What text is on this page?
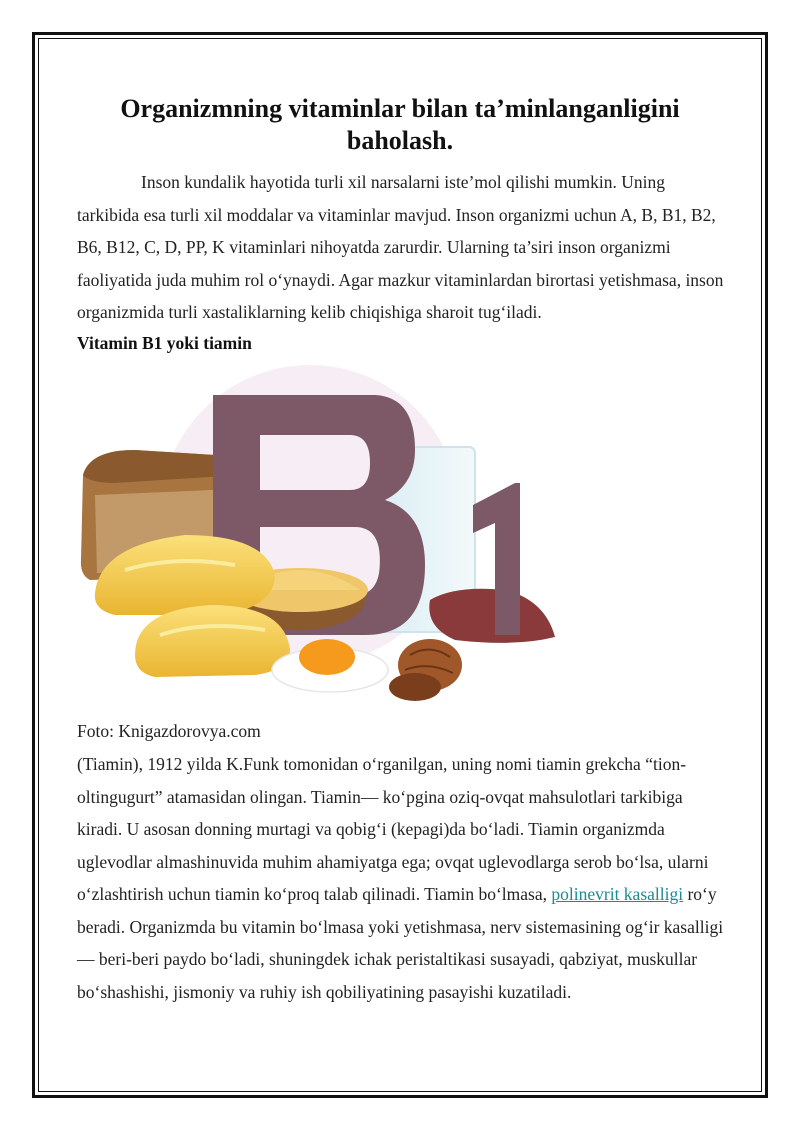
Organizmning vitaminlar bilan ta’minlanganligini baholash.

Inson kundalik hayotida turli xil narsalarni iste’mol qilishi mumkin. Uning tarkibida esa turli xil moddalar va vitaminlar mavjud. Inson organizmi uchun A, B, B1, B2, B6, B12, C, D, PP, K vitaminlari nihoyatda zarurdir. Ularning ta’siri inson organizmi faoliyatida juda muhim rol o‘ynaydi. Agar mazkur vitaminlardan birortasi yetishmasa, inson organizmida turli xastaliklarning kelib chiqishiga sharoit tug‘iladi.

Vitamin B1 yoki tiamin

Foto: Knigazdorovya.com

(Tiamin), 1912 yilda K.Funk tomonidan o‘rganilgan, uning nomi tiamin grekcha “tion-oltingugurt” atamasidan olingan. Tiamin— ko‘pgina oziq-ovqat mahsulotlari tarkibiga kiradi. U asosan donning murtagi va qobig‘i (kepagi)da bo‘ladi. Tiamin organizmda uglevodlar almashinuvida muhim ahamiyatga ega; ovqat uglevodlarga serob bo‘lsa, ularni o‘zlashtirish uchun tiamin ko‘proq talab qilinadi. Tiamin bo‘lmasa, polinevrit kasalligi ro‘y beradi. Organizmda bu vitamin bo‘lmasa yoki yetishmasa, nerv sistemasining og‘ir kasalligi — beri-beri paydo bo‘ladi, shuningdek ichak peristaltikasi susayadi, qabziyat, muskullar bo‘shashishi, jismoniy va ruhiy ish qobiliyatining pasayishi kuzatiladi.
